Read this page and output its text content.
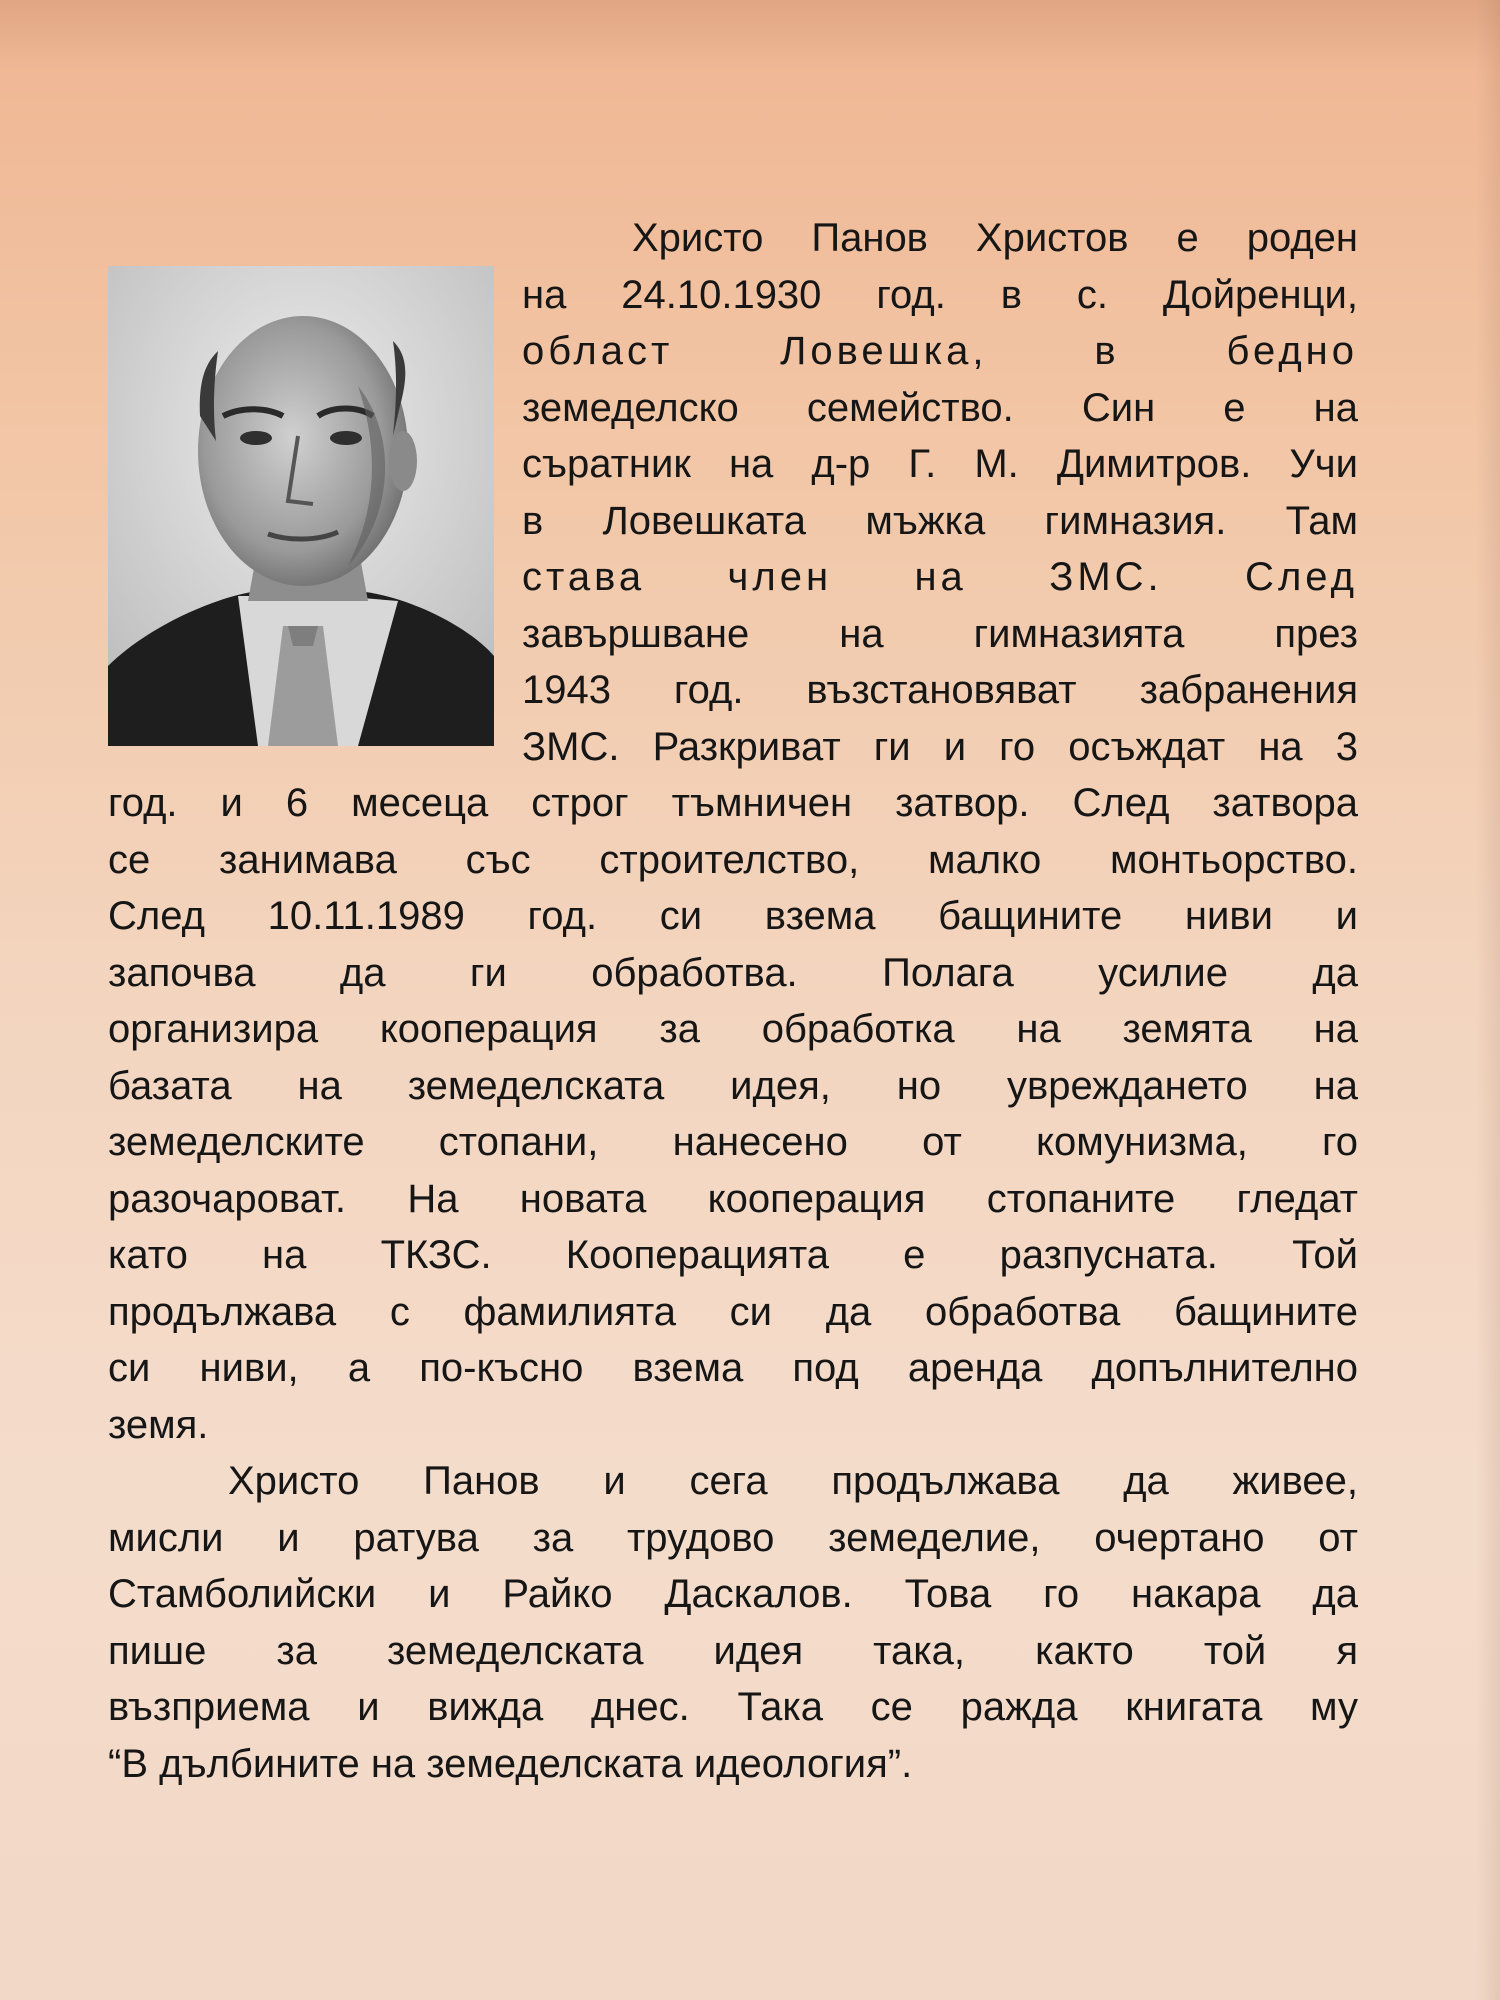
Христо Панов Христов е роден
на 24.10.1930 год. в с. Дойренци,
област Ловешка, в бедно
земеделско семейство. Син е на
съратник на д-р Г. М. Димитров. Учи
в Ловешката мъжка гимназия. Там
става член на ЗМС. След
завършване на гимназията през
1943 год. възстановяват забранения
ЗМС. Разкриват ги и го осъждат на 3
год. и 6 месеца строг тъмничен затвор. След затвора
се занимава със строителство, малко монтьорство.
След 10.11.1989 год. си взема бащините ниви и
започва да ги обработва. Полага усилие да
организира кооперация за обработка на земята на
базата на земеделската идея, но увреждането на
земеделските стопани, нанесено от комунизма, го
разочароват. На новата кооперация стопаните гледат
като на ТКЗС. Кооперацията е разпусната. Той
продължава с фамилията си да обработва бащините
си ниви, а по-късно взема под аренда допълнително
земя.
Христо Панов и сега продължава да живее,
мисли и ратува за трудово земеделие, очертано от
Стамболийски и Райко Даскалов. Това го накара да
пише за земеделската идея така, както той я
възприема и вижда днес. Така се ражда книгата му
“В дълбините на земеделската идеология”.
